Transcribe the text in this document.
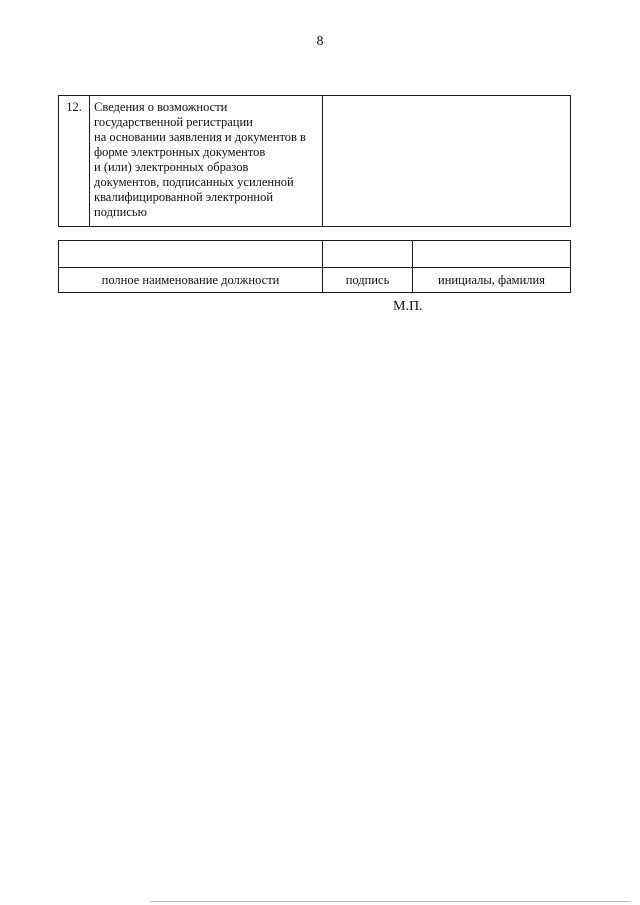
8
12.	Сведения о возможности
государственной регистрации
на основании заявления и документов в
форме электронных документов
и (или) электронных образов
документов, подписанных усиленной
квалифицированной электронной
подписью

полное наименование должности	подпись	инициалы, фамилия
М.П.
